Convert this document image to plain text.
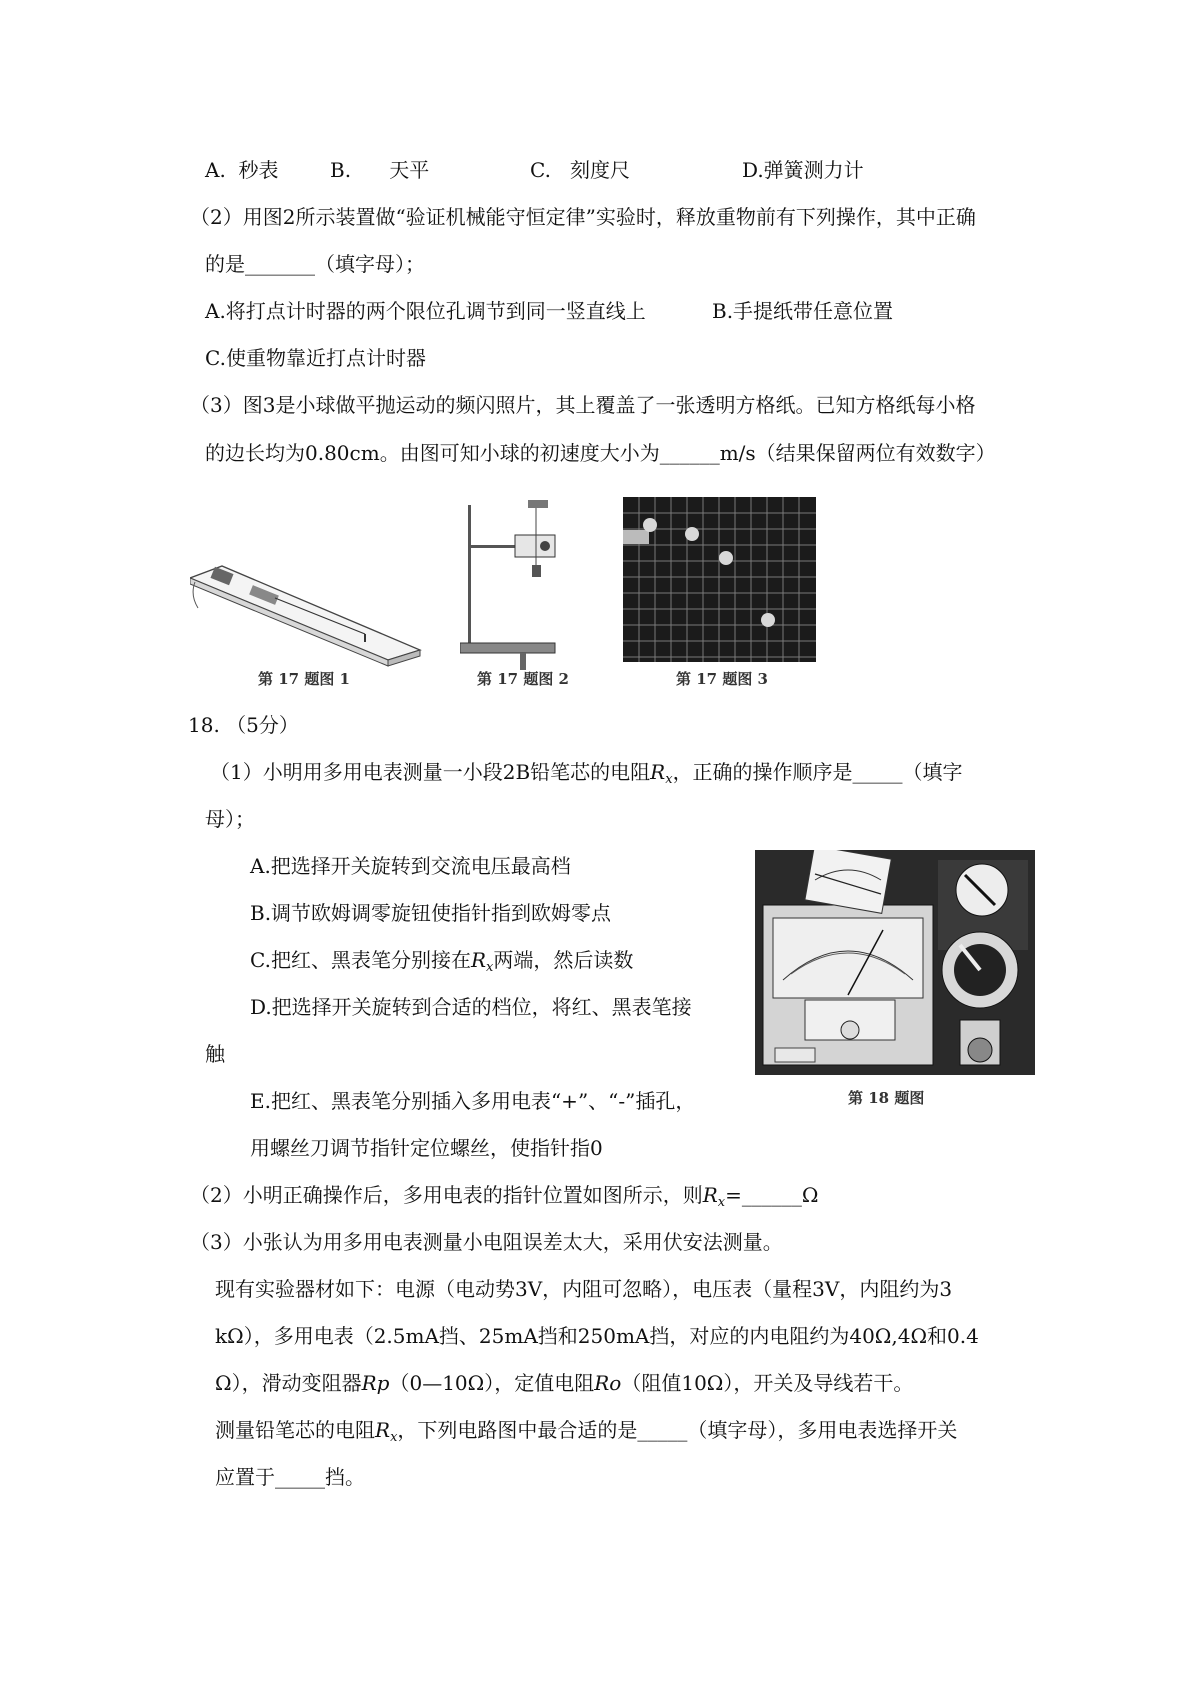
A. 秒表	B. 天平	C. 刻度尺	D.弹簧测力计
（2）用图2所示装置做“验证机械能守恒定律”实验时，释放重物前有下列操作，其中正确
的是_______（填字母）；
A.将打点计时器的两个限位孔调节到同一竖直线上	B.手提纸带任意位置
C.使重物靠近打点计时器
（3）图3是小球做平抛运动的频闪照片，其上覆盖了一张透明方格纸。已知方格纸每小格
的边长均为0.80cm。由图可知小球的初速度大小为______m/s（结果保留两位有效数字）
第 17 题图 1	第 17 题图 2	第 17 题图 3
18. （5分）
（1）小明用多用电表测量一小段2B铅笔芯的电阻$R_x$，正确的操作顺序是_____（填字
母）；
A.把选择开关旋转到交流电压最高档
B.调节欧姆调零旋钮使指针指到欧姆零点
C.把红、黑表笔分别接在$R_x$两端，然后读数
D.把选择开关旋转到合适的档位，将红、黑表笔接
触
E.把红、黑表笔分别插入多用电表“+”、“-”插孔，
用螺丝刀调节指针定位螺丝，使指针指0
第 18 题图
（2）小明正确操作后，多用电表的指针位置如图所示，则$R_x=\_\_\_\_\_\_\Omega$
（3）小张认为用多用电表测量小电阻误差太大，采用伏安法测量。
现有实验器材如下：电源（电动势3V，内阻可忽略），电压表（量程3V，内阻约为3
kΩ），多用电表（2.5mA挡、25mA挡和250mA挡，对应的内电阻约为40Ω,4Ω和0.4
Ω），滑动变阻器Rp（0—10Ω），定值电阻Ro（阻值10Ω），开关及导线若干。
测量铅笔芯的电阻$R_x$，下列电路图中最合适的是_____（填字母），多用电表选择开关
应置于_____挡。
